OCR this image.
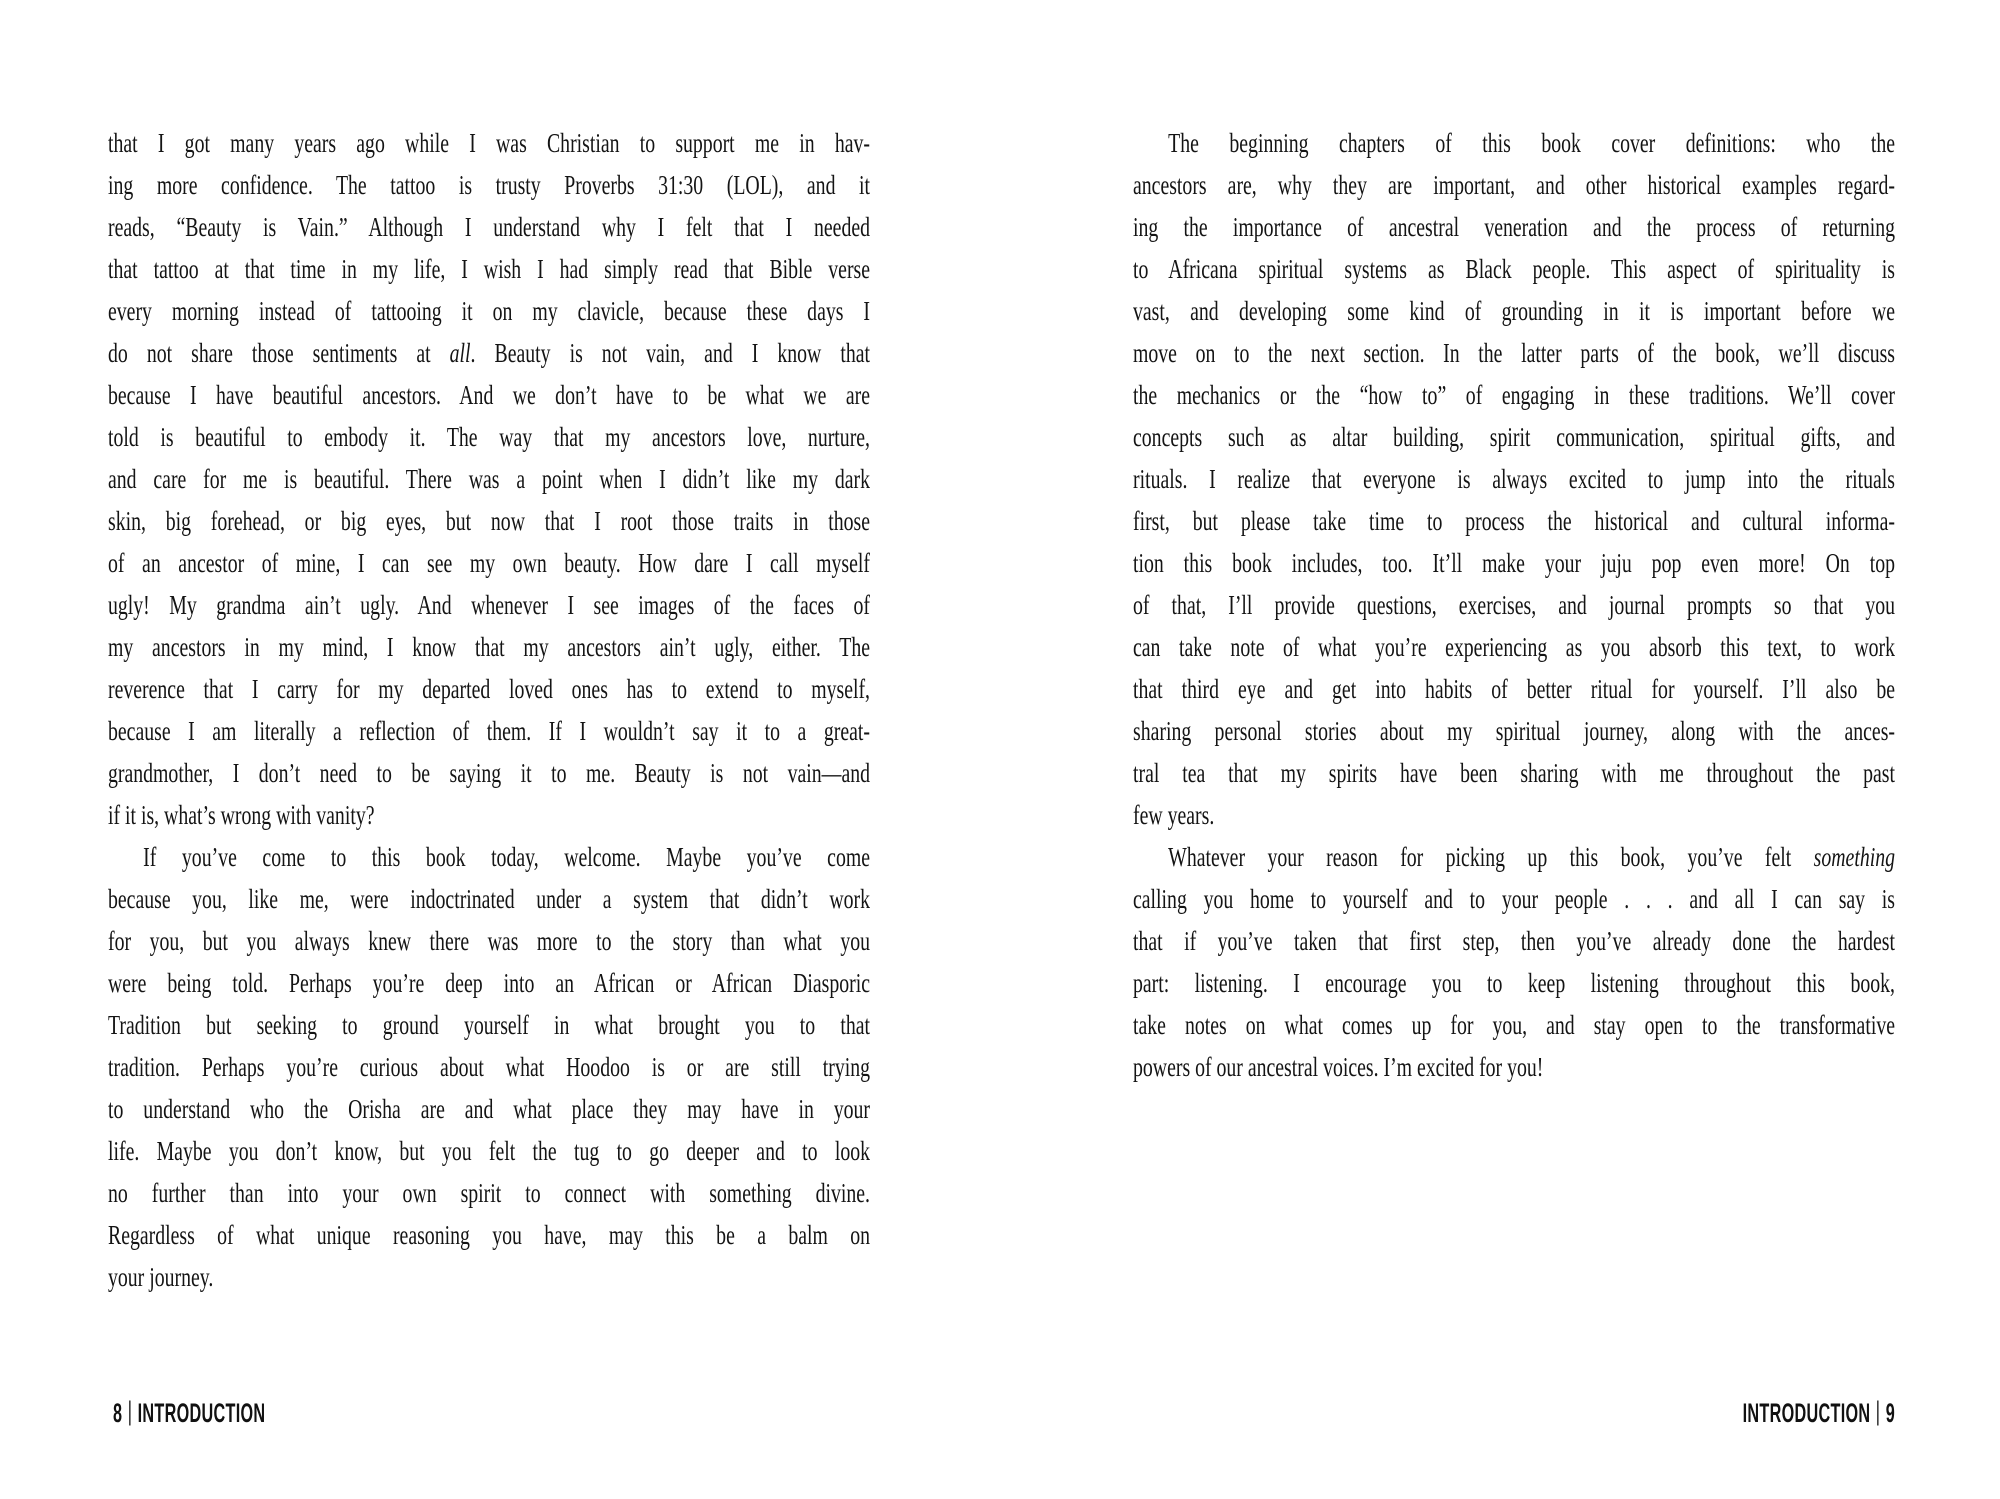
that I got many years ago while I was Christian to support me in hav-
ing more confidence. The tattoo is trusty Proverbs 31:30 (LOL), and it
reads, “Beauty is Vain.” Although I understand why I felt that I needed
that tattoo at that time in my life, I wish I had simply read that Bible verse
every morning instead of tattooing it on my clavicle, because these days I
do not share those sentiments at all. Beauty is not vain, and I know that
because I have beautiful ancestors. And we don’t have to be what we are
told is beautiful to embody it. The way that my ancestors love, nurture,
and care for me is beautiful. There was a point when I didn’t like my dark
skin, big forehead, or big eyes, but now that I root those traits in those
of an ancestor of mine, I can see my own beauty. How dare I call myself
ugly! My grandma ain’t ugly. And whenever I see images of the faces of
my ancestors in my mind, I know that my ancestors ain’t ugly, either. The
reverence that I carry for my departed loved ones has to extend to myself,
because I am literally a reflection of them. If I wouldn’t say it to a great-
grandmother, I don’t need to be saying it to me. Beauty is not vain—and
if it is, what’s wrong with vanity?
If you’ve come to this book today, welcome. Maybe you’ve come
because you, like me, were indoctrinated under a system that didn’t work
for you, but you always knew there was more to the story than what you
were being told. Perhaps you’re deep into an African or African Diasporic
Tradition but seeking to ground yourself in what brought you to that
tradition. Perhaps you’re curious about what Hoodoo is or are still trying
to understand who the Orisha are and what place they may have in your
life. Maybe you don’t know, but you felt the tug to go deeper and to look
no further than into your own spirit to connect with something divine.
Regardless of what unique reasoning you have, may this be a balm on
your journey.
The beginning chapters of this book cover definitions: who the
ancestors are, why they are important, and other historical examples regard-
ing the importance of ancestral veneration and the process of returning
to Africana spiritual systems as Black people. This aspect of spirituality is
vast, and developing some kind of grounding in it is important before we
move on to the next section. In the latter parts of the book, we’ll discuss
the mechanics or the “how to” of engaging in these traditions. We’ll cover
concepts such as altar building, spirit communication, spiritual gifts, and
rituals. I realize that everyone is always excited to jump into the rituals
first, but please take time to process the historical and cultural informa-
tion this book includes, too. It’ll make your juju pop even more! On top
of that, I’ll provide questions, exercises, and journal prompts so that you
can take note of what you’re experiencing as you absorb this text, to work
that third eye and get into habits of better ritual for yourself. I’ll also be
sharing personal stories about my spiritual journey, along with the ances-
tral tea that my spirits have been sharing with me throughout the past
few years.
Whatever your reason for picking up this book, you’ve felt something
calling you home to yourself and to your people . . . and all I can say is
that if you’ve taken that first step, then you’ve already done the hardest
part: listening. I encourage you to keep listening throughout this book,
take notes on what comes up for you, and stay open to the transformative
powers of our ancestral voices. I’m excited for you!
8 | INTRODUCTION	INTRODUCTION | 9
